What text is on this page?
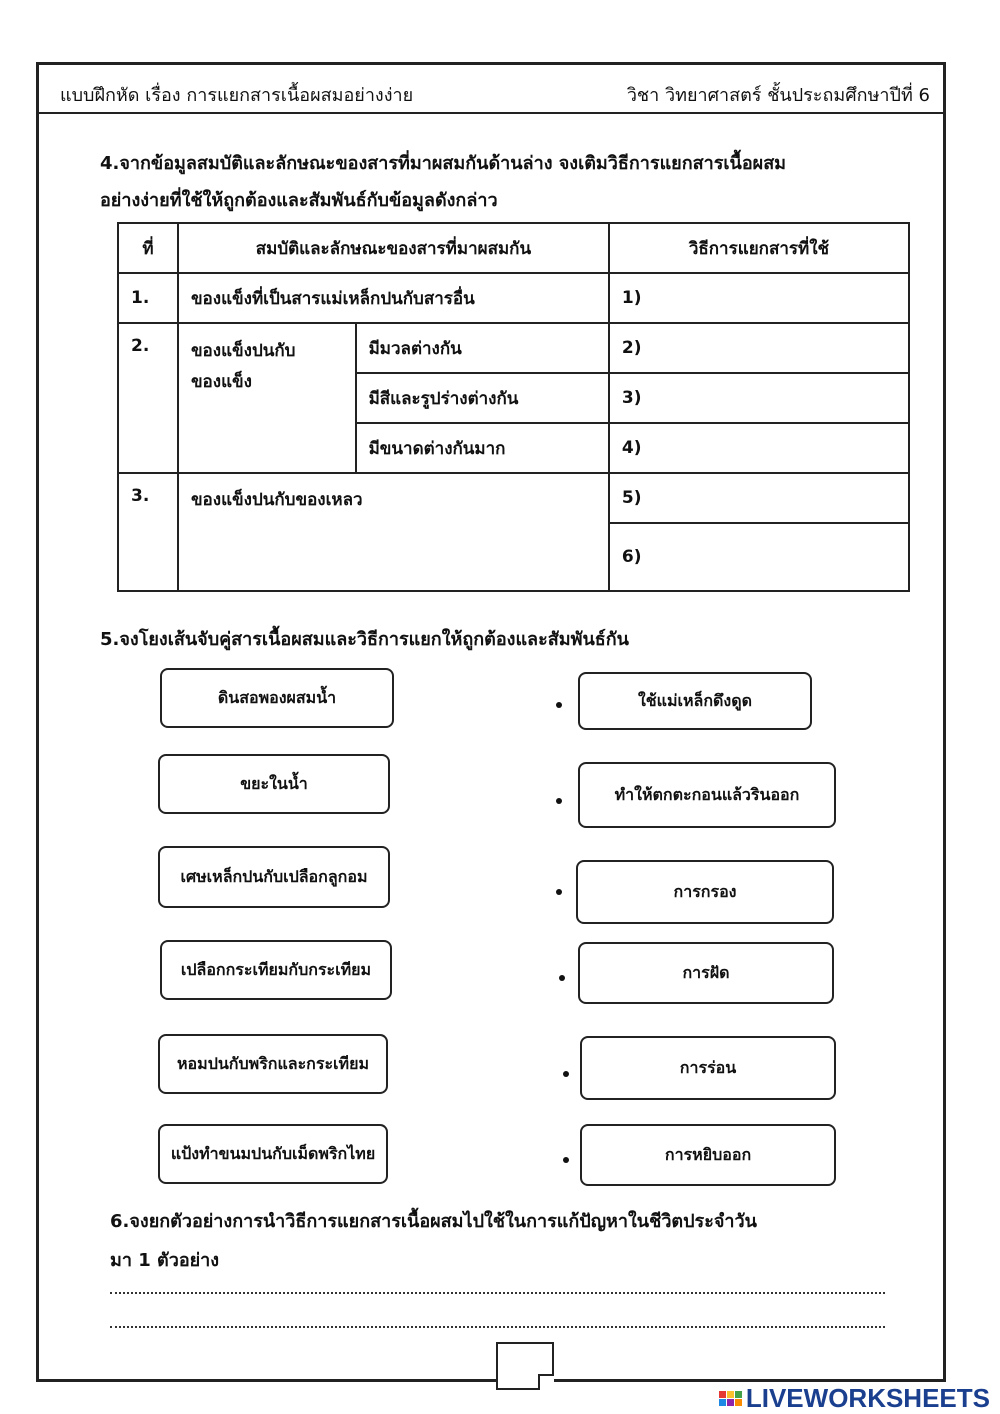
แบบฝึกหัด เรื่อง การแยกสารเนื้อผสมอย่างง่าย	วิชา วิทยาศาสตร์ ชั้นประถมศึกษาปีที่ 6
4.จากข้อมูลสมบัติและลักษณะของสารที่มาผสมกันด้านล่าง จงเติมวิธีการแยกสารเนื้อผสม
อย่างง่ายที่ใช้ให้ถูกต้องและสัมพันธ์กับข้อมูลดังกล่าว
ที่	สมบัติและลักษณะของสารที่มาผสมกัน		วิธีการแยกสารที่ใช้
1.	ของแข็งที่เป็นสารแม่เหล็กปนกับสารอื่น		1)
2.	ของแข็งปนกับ ของแข็ง	มีมวลต่างกัน	2)
		มีสีและรูปร่างต่างกัน	3)
		มีขนาดต่างกันมาก	4)
3.	ของแข็งปนกับของเหลว		5)
			6)
5.จงโยงเส้นจับคู่สารเนื้อผสมและวิธีการแยกให้ถูกต้องและสัมพันธ์กัน
ดินสอพองผสมน้ำ
ขยะในน้ำ
เศษเหล็กปนกับเปลือกลูกอม
เปลือกกระเทียมกับกระเทียม
หอมปนกับพริกและกระเทียม
แป้งทำขนมปนกับเม็ดพริกไทย
ใช้แม่เหล็กดึงดูด
ทำให้ตกตะกอนแล้วรินออก
การกรอง
การฝัด
การร่อน
การหยิบออก
6.จงยกตัวอย่างการนำวิธีการแยกสารเนื้อผสมไปใช้ในการแก้ปัญหาในชีวิตประจำวัน
มา 1 ตัวอย่าง
LIVEWORKSHEETS
